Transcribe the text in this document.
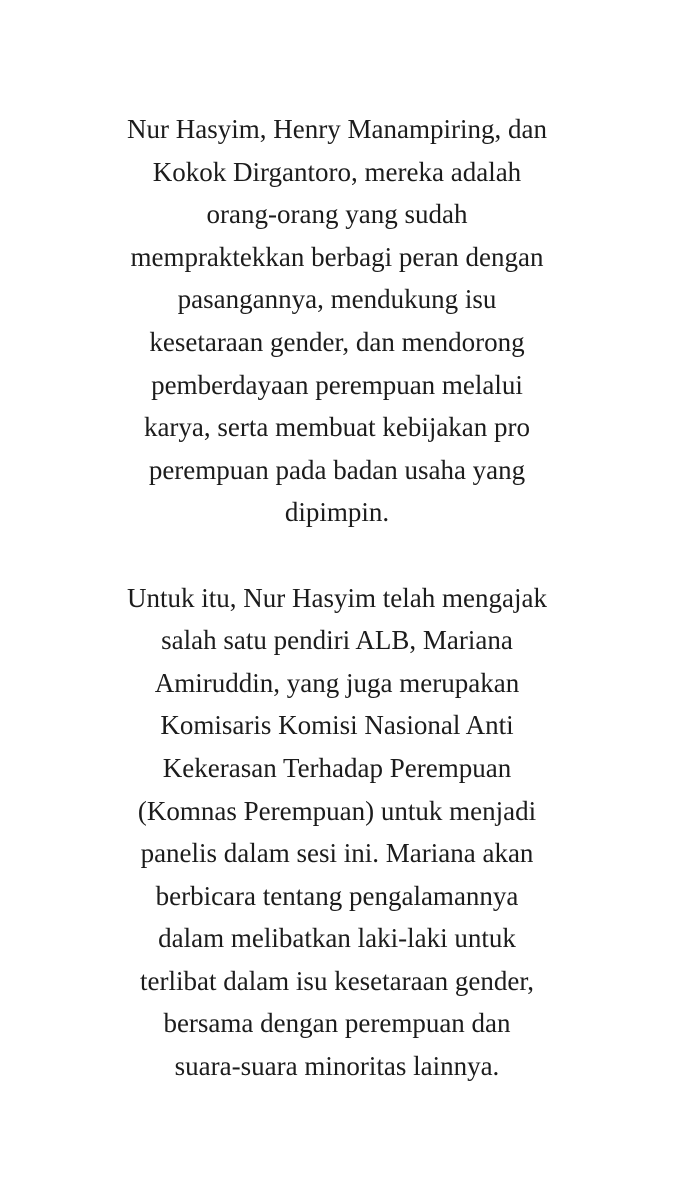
Nur Hasyim, Henry Manampiring, dan
Kokok Dirgantoro, mereka adalah
orang-orang yang sudah
mempraktekkan berbagi peran dengan
pasangannya, mendukung isu
kesetaraan gender, dan mendorong
pemberdayaan perempuan melalui
karya, serta membuat kebijakan pro
perempuan pada badan usaha yang
dipimpin.

Untuk itu, Nur Hasyim telah mengajak
salah satu pendiri ALB, Mariana
Amiruddin, yang juga merupakan
Komisaris Komisi Nasional Anti
Kekerasan Terhadap Perempuan
(Komnas Perempuan) untuk menjadi
panelis dalam sesi ini. Mariana akan
berbicara tentang pengalamannya
dalam melibatkan laki-laki untuk
terlibat dalam isu kesetaraan gender,
bersama dengan perempuan dan
suara-suara minoritas lainnya.
